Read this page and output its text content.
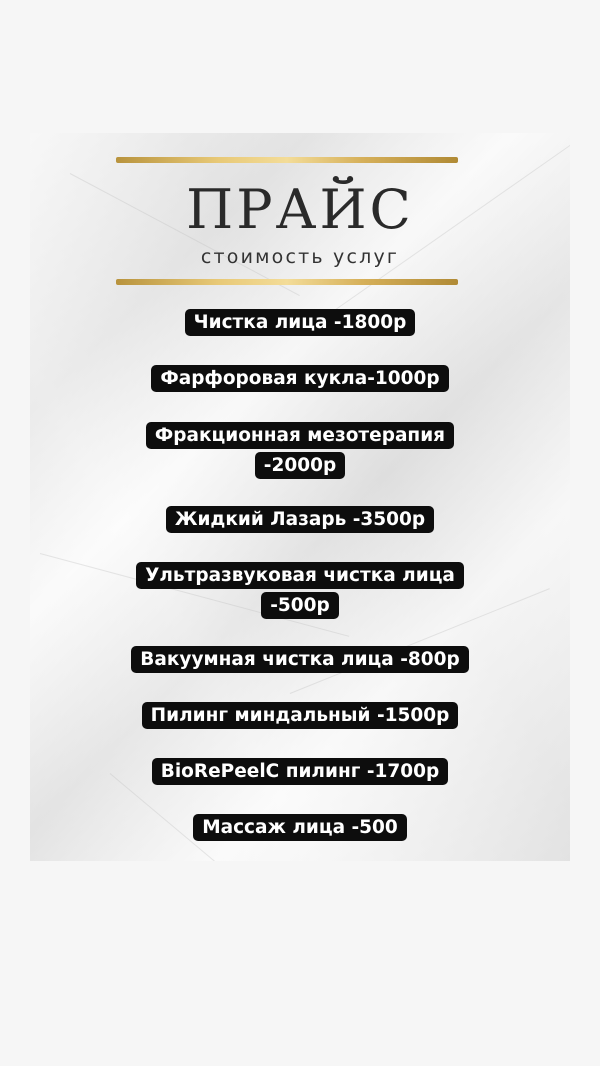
ПРАЙС
стоимость услуг
Чистка лица -1800р
Фарфоровая кукла-1000р
Фракционная мезотерапия -2000р
Жидкий Лазарь -3500р
Ультразвуковая чистка лица -500р
Вакуумная чистка лица -800р
Пилинг миндальный -1500р
BioRePeelC пилинг -1700р
Массаж лица -500
